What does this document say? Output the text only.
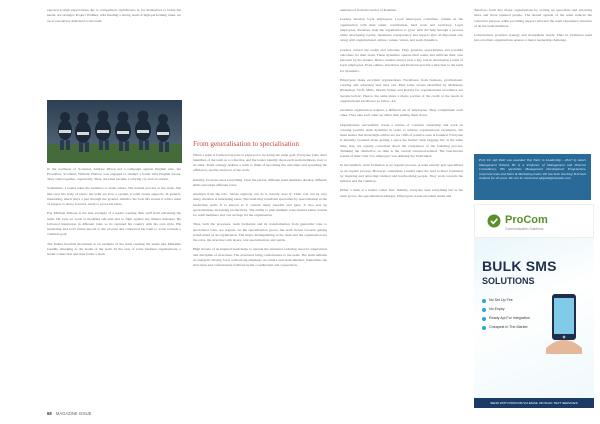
exposed to high expectations due to competition, significance is, for themselves to tackle the heads, are stronger. Project Widmer, wild funding a strong team of high-performing tasks, set up of executives dedicated to the team.

In the northeast of Scotland, Andrew Dixon led a campaign against English rule. Ian Proudfoot, Scotland, William Wallace was engaged to attempt a battle with English forces. They came together, organically. Thus, the label became a rallying cry and revolution.

Sometimes, a leader takes the initiative to listen others. The natural process or the team, Just like once his body of ideas; the team are how a system, it team Green supports. In general, interesting, much plays a part through her ground. Alibaba, the Jack Ma started it with a team of support to move forward, ready to prove his ideas.

Pay Michael Malone is the best example of a leader creating their staff from entrusting the team. He took on work at modified sell-side and to fight against the market mistakes. He followed inspiration in different traits so its captured his country with his own style. His leadership and bold vision moved to the process and connected his team to work towards a common goal.

The Indian freedom movement is an example of the team creating the needs like Mahatma Gandhi, emerging as the leader of the team. In the case of some business organisations, a leader comes first and then forms a team.

From generalisation to specialisation

When a team is formed everyone is expected to be doing the same goal. Everyone joins other identifies of the team as a collective, and the leader identify those each team members, how to do what. Team strategy enables a team to think of upcoming the outcomes and spreading the efficiency, quality and pace of the work.

Initially, everyone does everything. Over the period, different team members develop different skills and adopt different roles.

Attempts from the role, 'whose anybody can do it, nobody does it'. Their role can be very many, mention is interesting ideas. The team may transform specialists by specialisation in the leadership team. It is known as it contain many benefits and gaps. It also sets up specialisations increasing productivity. The ability to plan multiple roles ensures better returns for team members and cost savings for the organisation.

Thus, both the processes, team formation and its transformation from generalist roles to specialised roles, are organic. As the specialisation grows, the team moves towards getting transformed as an organisation. The major distinguishing of the team and the organisation are the roles, the structure with layers, role specialisation, and spirits.

High morale of an inspired team helps to operate the structures reducing need for supervision and discipline of structures. The structures bring cohesiveness to the team. The team remains an energetic driving force with strong emphasis on culture and team mindset. Sometimes the structures and cohesiveness facilitate better coordination and cooperation.

understood from the border of Kashmir.

Leaders develop loyal employees. Loyal employees contribute, remain in the organisation with their talent, contribution, hard work and sacrifices. Loyal employees, therefore, help the organisation to grow with the help through a process while developing loyalty. Openness, transparency and support give an important role along with organisational culture, values, vision, and team dynamics.

Leaders control the teams and outcome. They generate opportunities and possible outcomes for their team. These dynamics operate their teams and cultivate their own personal by the leaders. Hence, leaders always play a key role in developing a team of loyal employees. Even culture, incentives and financial provide a direction to the team for dynamics.

Employees make excellent organisations. Excellence from business, gravitational, creating and achieving best they can. Find some closest identified by McKinsey (Peterman, Stoff, Mills, Martin Velten and Robin) for organizational excellence are 'people before'. Hence, the same share a major portion of the credit or the needs in organisational excellence as follow. An

excellent organisation requires a different set of employees. They complement each other. They take each other up rather than pulling them down.

Organisations successfully create a culture of 'constant ownership' and work on creating positive team dynamics in order to achieve organisational excellence. We must ensure that those high-calibre are not cliffs of positive ones is founded. Everyone is mentally tweaked about getting a space the further 'tank baggage list' at the same time, they are equally concerned about the completion of the founding process. Thinking the distinctive on time is the overall structural-related. The best-known poems of their: One 'low employee' was defining the 'Individual'.

In the nutshell, team formation is an organic process. A team usually gets specialised as an organic process. However, sometimes a leader takes the lead to more formation by inspiring and attracting talented and hardworking people. They work towards the mission and the common.

Either a team or a leader comes first. Initially, everyone does everything but as the team grows, the specialisation emerges. Employees create excellent teams and

therefore, form into major organisations by scaling up operations and attracting more and more talented people. The shared agenda of the team reduces the collective purpose while providing support between the team experience structure of all the team members.

Cohesiveness provides synergy and strengthens bonds. Thus in formation team into excellent organisations ensures a major leadership challenge.

Prof. Dr. Ajit Patil was awarded 'Top Tutor in Leadership - 2022' by Asia's Management Wizard. He is a Professor of Management and Director Consultancy. His specialise Management Development Programmes, corporate team and Sales & Marketing teams. He has been teaching B-School students for 20 years. He can be reached at ajitpatil@example.com.
ProCom
Communication Solutions
BULK SMS
SOLUTIONS
No Set Up Fee
No Expiry
Ready Api For Integration
Cheapest In The Market
SEND WITH PROCOM VIA EMAIL OR BULK TEXT SERVICES
68 MAGAZINE ISSUE
